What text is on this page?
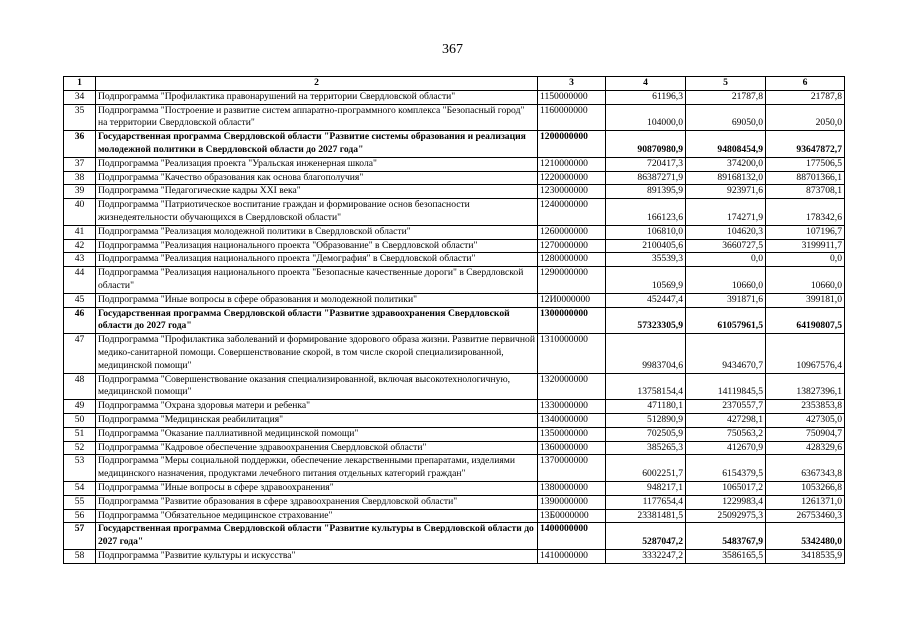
367
1	2	3	4	5	6
34	Подпрограмма "Профилактика правонарушений на территории Свердловской области"	1150000000	61196,3	21787,8	21787,8
35	Подпрограмма "Построение и развитие систем аппаратно-программного комплекса "Безопасный город" на территории Свердловской области"	1160000000	104000,0	69050,0	2050,0
36	Государственная программа Свердловской области "Развитие системы образования и реализация молодежной политики в Свердловской области до 2027 года"	1200000000	90870980,9	94808454,9	93647872,7
37	Подпрограмма "Реализация проекта "Уральская инженерная школа"	1210000000	720417,3	374200,0	177506,5
38	Подпрограмма "Качество образования как основа благополучия"	1220000000	86387271,9	89168132,0	88701366,1
39	Подпрограмма "Педагогические кадры XXI века"	1230000000	891395,9	923971,6	873708,1
40	Подпрограмма "Патриотическое воспитание граждан и формирование основ безопасности жизнедеятельности обучающихся в Свердловской области"	1240000000	166123,6	174271,9	178342,6
41	Подпрограмма "Реализация молодежной политики в Свердловской области"	1260000000	106810,0	104620,3	107196,7
42	Подпрограмма "Реализация национального проекта "Образование" в Свердловской области"	1270000000	2100405,6	3660727,5	3199911,7
43	Подпрограмма "Реализация национального проекта "Демография" в Свердловской области"	1280000000	35539,3	0,0	0,0
44	Подпрограмма "Реализация национального проекта "Безопасные качественные дороги" в Свердловской области"	1290000000	10569,9	10660,0	10660,0
45	Подпрограмма "Иные вопросы в сфере образования и молодежной политики"	12И0000000	452447,4	391871,6	399181,0
46	Государственная программа Свердловской области "Развитие здравоохранения Свердловской области до 2027 года"	1300000000	57323305,9	61057961,5	64190807,5
47	Подпрограмма "Профилактика заболеваний и формирование здорового образа жизни. Развитие первичной медико-санитарной помощи. Совершенствование скорой, в том числе скорой специализированной, медицинской помощи"	1310000000	9983704,6	9434670,7	10967576,4
48	Подпрограмма "Совершенствование оказания специализированной, включая высокотехнологичную, медицинской помощи"	1320000000	13758154,4	14119845,5	13827396,1
49	Подпрограмма "Охрана здоровья матери и ребенка"	1330000000	471180,1	2370557,7	2353853,8
50	Подпрограмма "Медицинская реабилитация"	1340000000	512890,9	427298,1	427305,0
51	Подпрограмма "Оказание паллиативной медицинской помощи"	1350000000	702505,9	750563,2	750904,7
52	Подпрограмма "Кадровое обеспечение здравоохранения Свердловской области"	1360000000	385265,3	412670,9	428329,6
53	Подпрограмма "Меры социальной поддержки, обеспечение лекарственными препаратами, изделиями медицинского назначения, продуктами лечебного питания отдельных категорий граждан"	1370000000	6002251,7	6154379,5	6367343,8
54	Подпрограмма "Иные вопросы в сфере здравоохранения"	1380000000	948217,1	1065017,2	1053266,8
55	Подпрограмма "Развитие образования в сфере здравоохранения Свердловской области"	1390000000	1177654,4	1229983,4	1261371,0
56	Подпрограмма "Обязательное медицинское страхование"	13Б0000000	23381481,5	25092975,3	26753460,3
57	Государственная программа Свердловской области "Развитие культуры в Свердловской области до 2027 года"	1400000000	5287047,2	5483767,9	5342480,0
58	Подпрограмма "Развитие культуры и искусства"	1410000000	3332247,2	3586165,5	3418535,9
